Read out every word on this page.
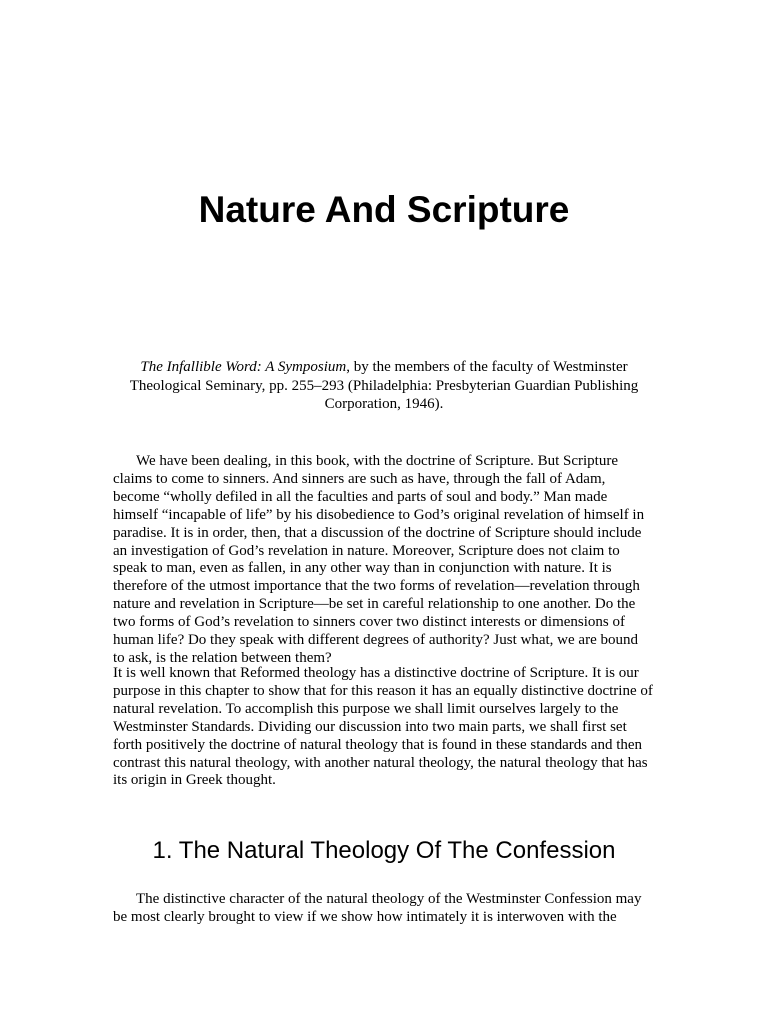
Nature And Scripture

The Infallible Word: A Symposium, by the members of the faculty of Westminster
Theological Seminary, pp. 255–293 (Philadelphia: Presbyterian Guardian Publishing
Corporation, 1946).

We have been dealing, in this book, with the doctrine of Scripture. But Scripture
claims to come to sinners. And sinners are such as have, through the fall of Adam,
become “wholly defiled in all the faculties and parts of soul and body.” Man made
himself “incapable of life” by his disobedience to God’s original revelation of himself in
paradise. It is in order, then, that a discussion of the doctrine of Scripture should include
an investigation of God’s revelation in nature. Moreover, Scripture does not claim to
speak to man, even as fallen, in any other way than in conjunction with nature. It is
therefore of the utmost importance that the two forms of revelation—revelation through
nature and revelation in Scripture—be set in careful relationship to one another. Do the
two forms of God’s revelation to sinners cover two distinct interests or dimensions of
human life? Do they speak with different degrees of authority? Just what, we are bound
to ask, is the relation between them?

It is well known that Reformed theology has a distinctive doctrine of Scripture. It is our
purpose in this chapter to show that for this reason it has an equally distinctive doctrine of
natural revelation. To accomplish this purpose we shall limit ourselves largely to the
Westminster Standards. Dividing our discussion into two main parts, we shall first set
forth positively the doctrine of natural theology that is found in these standards and then
contrast this natural theology, with another natural theology, the natural theology that has
its origin in Greek thought.

1. The Natural Theology Of The Confession

The distinctive character of the natural theology of the Westminster Confession may
be most clearly brought to view if we show how intimately it is interwoven with the
